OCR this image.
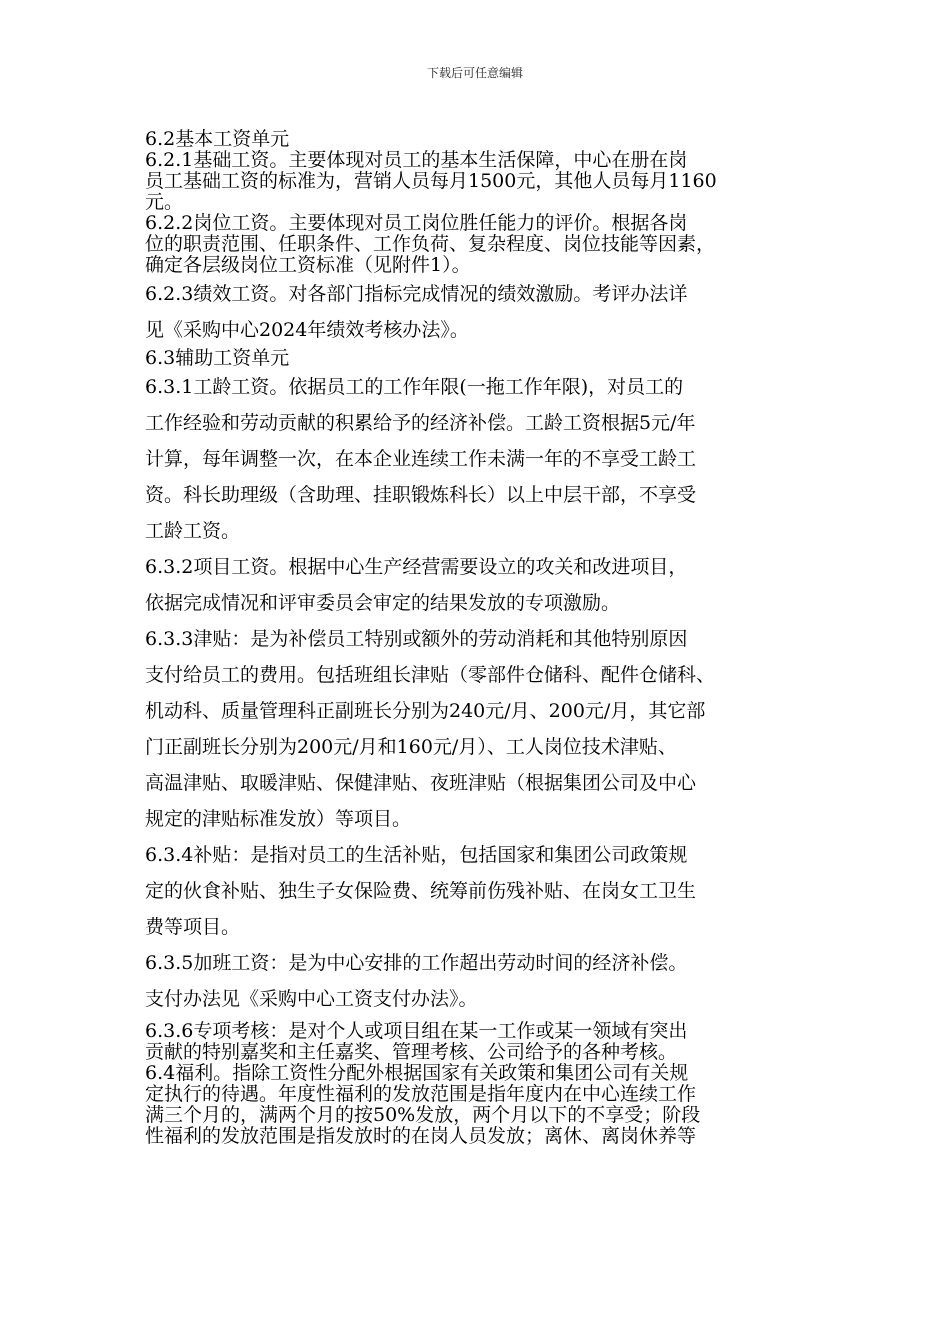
下载后可任意编辑

6.2基本工资单元

6.2.1基础工资。主要体现对员工的基本生活保障，中心在册在岗
员工基础工资的标准为，营销人员每月1500元，其他人员每月1160
元。

6.2.2岗位工资。主要体现对员工岗位胜任能力的评价。根据各岗
位的职责范围、任职条件、工作负荷、复杂程度、岗位技能等因素，
确定各层级岗位工资标准（见附件1）。

6.2.3绩效工资。对各部门指标完成情况的绩效激励。考评办法详
见《采购中心2024年绩效考核办法》。

6.3辅助工资单元

6.3.1工龄工资。依据员工的工作年限(一拖工作年限)，对员工的
工作经验和劳动贡献的积累给予的经济补偿。工龄工资根据5元/年
计算，每年调整一次，在本企业连续工作未满一年的不享受工龄工
资。科长助理级（含助理、挂职锻炼科长）以上中层干部，不享受
工龄工资。

6.3.2项目工资。根据中心生产经营需要设立的攻关和改进项目，
依据完成情况和评审委员会审定的结果发放的专项激励。

6.3.3津贴：是为补偿员工特别或额外的劳动消耗和其他特别原因
支付给员工的费用。包括班组长津贴（零部件仓储科、配件仓储科、
机动科、质量管理科正副班长分别为240元/月、200元/月，其它部
门正副班长分别为200元/月和160元/月）、工人岗位技术津贴、
高温津贴、取暖津贴、保健津贴、夜班津贴（根据集团公司及中心
规定的津贴标准发放）等项目。

6.3.4补贴：是指对员工的生活补贴，包括国家和集团公司政策规
定的伙食补贴、独生子女保险费、统筹前伤残补贴、在岗女工卫生
费等项目。

6.3.5加班工资：是为中心安排的工作超出劳动时间的经济补偿。
支付办法见《采购中心工资支付办法》。

6.3.6专项考核：是对个人或项目组在某一工作或某一领域有突出
贡献的特别嘉奖和主任嘉奖、管理考核、公司给予的各种考核。

6.4福利。指除工资性分配外根据国家有关政策和集团公司有关规
定执行的待遇。年度性福利的发放范围是指年度内在中心连续工作
满三个月的，满两个月的按50%发放，两个月以下的不享受；阶段
性福利的发放范围是指发放时的在岗人员发放；离休、离岗休养等
